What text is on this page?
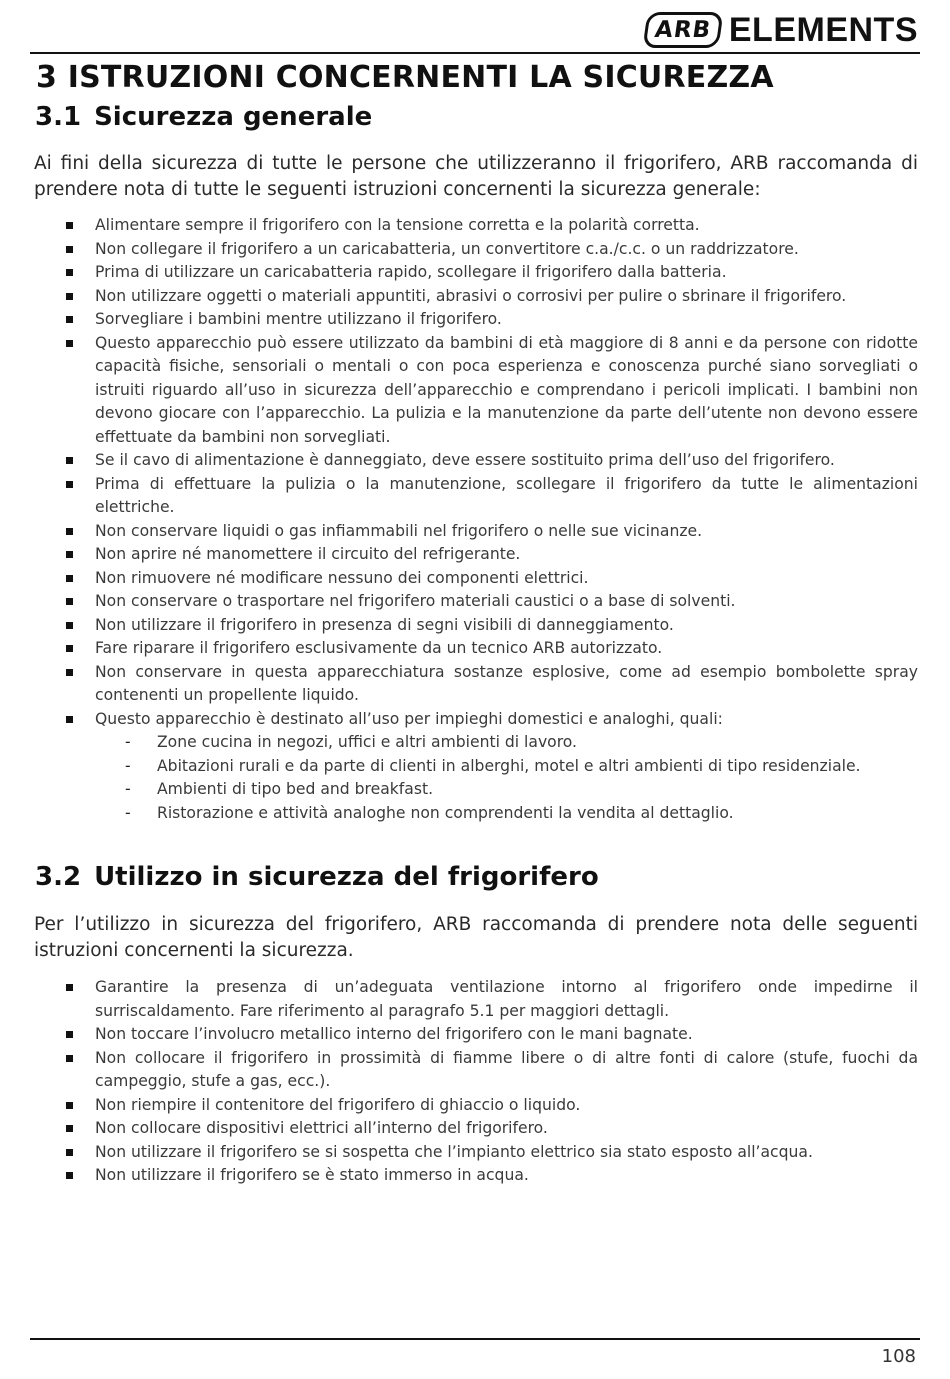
ARB ELEMENTS
3 ISTRUZIONI CONCERNENTI LA SICUREZZA
3.1 Sicurezza generale
Ai fini della sicurezza di tutte le persone che utilizzeranno il frigorifero, ARB raccomanda di prendere nota di tutte le seguenti istruzioni concernenti la sicurezza generale:
Alimentare sempre il frigorifero con la tensione corretta e la polarità corretta.
Non collegare il frigorifero a un caricabatteria, un convertitore c.a./c.c. o un raddrizzatore.
Prima di utilizzare un caricabatteria rapido, scollegare il frigorifero dalla batteria.
Non utilizzare oggetti o materiali appuntiti, abrasivi o corrosivi per pulire o sbrinare il frigorifero.
Sorvegliare i bambini mentre utilizzano il frigorifero.
Questo apparecchio può essere utilizzato da bambini di età maggiore di 8 anni e da persone con ridotte capacità fisiche, sensoriali o mentali o con poca esperienza e conoscenza purché siano sorvegliati o istruiti riguardo all’uso in sicurezza dell’apparecchio e comprendano i pericoli implicati. I bambini non devono giocare con l’apparecchio. La pulizia e la manutenzione da parte dell’utente non devono essere effettuate da bambini non sorvegliati.
Se il cavo di alimentazione è danneggiato, deve essere sostituito prima dell’uso del frigorifero.
Prima di effettuare la pulizia o la manutenzione, scollegare il frigorifero da tutte le alimentazioni elettriche.
Non conservare liquidi o gas infiammabili nel frigorifero o nelle sue vicinanze.
Non aprire né manomettere il circuito del refrigerante.
Non rimuovere né modificare nessuno dei componenti elettrici.
Non conservare o trasportare nel frigorifero materiali caustici o a base di solventi.
Non utilizzare il frigorifero in presenza di segni visibili di danneggiamento.
Fare riparare il frigorifero esclusivamente da un tecnico ARB autorizzato.
Non conservare in questa apparecchiatura sostanze esplosive, come ad esempio bombolette spray contenenti un propellente liquido.
Questo apparecchio è destinato all’uso per impieghi domestici e analoghi, quali:
- Zone cucina in negozi, uffici e altri ambienti di lavoro.
- Abitazioni rurali e da parte di clienti in alberghi, motel e altri ambienti di tipo residenziale.
- Ambienti di tipo bed and breakfast.
- Ristorazione e attività analoghe non comprendenti la vendita al dettaglio.
3.2 Utilizzo in sicurezza del frigorifero
Per l’utilizzo in sicurezza del frigorifero, ARB raccomanda di prendere nota delle seguenti istruzioni concernenti la sicurezza.
Garantire la presenza di un’adeguata ventilazione intorno al frigorifero onde impedirne il surriscaldamento. Fare riferimento al paragrafo 5.1 per maggiori dettagli.
Non toccare l’involucro metallico interno del frigorifero con le mani bagnate.
Non collocare il frigorifero in prossimità di fiamme libere o di altre fonti di calore (stufe, fuochi da campeggio, stufe a gas, ecc.).
Non riempire il contenitore del frigorifero di ghiaccio o liquido.
Non collocare dispositivi elettrici all’interno del frigorifero.
Non utilizzare il frigorifero se si sospetta che l’impianto elettrico sia stato esposto all’acqua.
Non utilizzare il frigorifero se è stato immerso in acqua.
108
